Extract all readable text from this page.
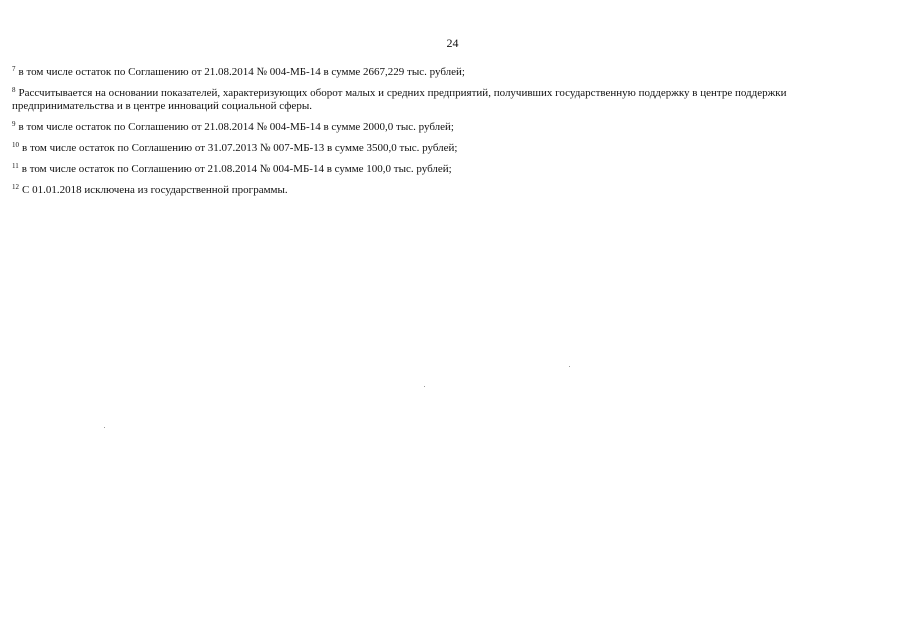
24

$^7$ в том числе остаток по Соглашению от 21.08.2014 № 004-МБ-14 в сумме 2667,229 тыс. рублей;

$^8$ Рассчитывается на основании показателей, характеризующих оборот малых и средних предприятий, получивших государственную поддержку в центре поддержки предпринимательства и в центре инноваций социальной сферы.

$^9$ в том числе остаток по Соглашению от 21.08.2014 № 004-МБ-14 в сумме 2000,0 тыс. рублей;

$^{10}$ в том числе остаток по Соглашению от 31.07.2013 № 007-МБ-13 в сумме 3500,0 тыс. рублей;

$^{11}$ в том числе остаток по Соглашению от 21.08.2014 № 004-МБ-14 в сумме 100,0 тыс. рублей;

$^{12}$ С 01.01.2018 исключена из государственной программы.
